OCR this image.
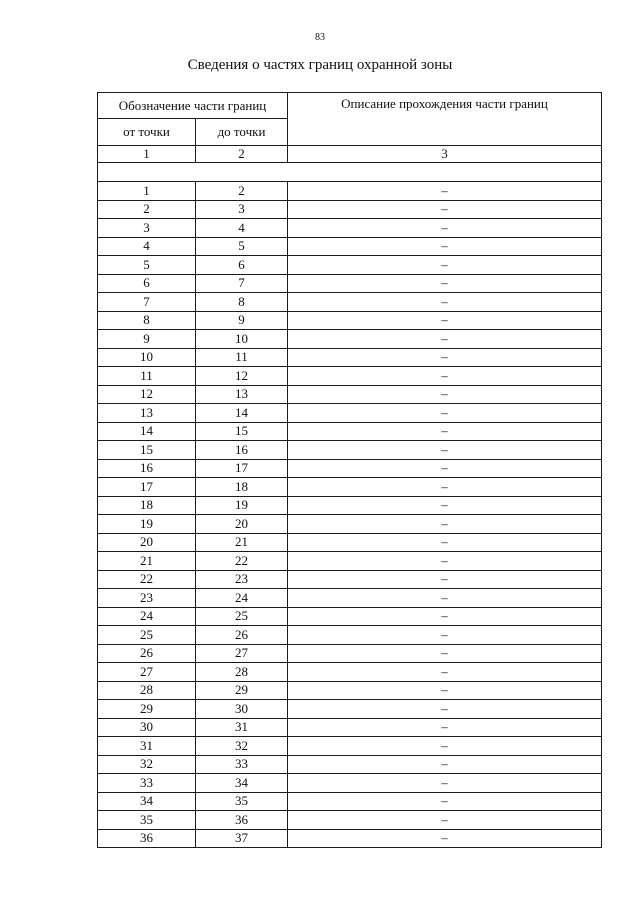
83
Сведения о частях границ охранной зоны
Обозначение части границ		Описание прохождения части границ
от точки	до точки	
1	2	3

1	2	–
2	3	–
3	4	–
4	5	–
5	6	–
6	7	–
7	8	–
8	9	–
9	10	–
10	11	–
11	12	–
12	13	–
13	14	–
14	15	–
15	16	–
16	17	–
17	18	–
18	19	–
19	20	–
20	21	–
21	22	–
22	23	–
23	24	–
24	25	–
25	26	–
26	27	–
27	28	–
28	29	–
29	30	–
30	31	–
31	32	–
32	33	–
33	34	–
34	35	–
35	36	–
36	37	–
